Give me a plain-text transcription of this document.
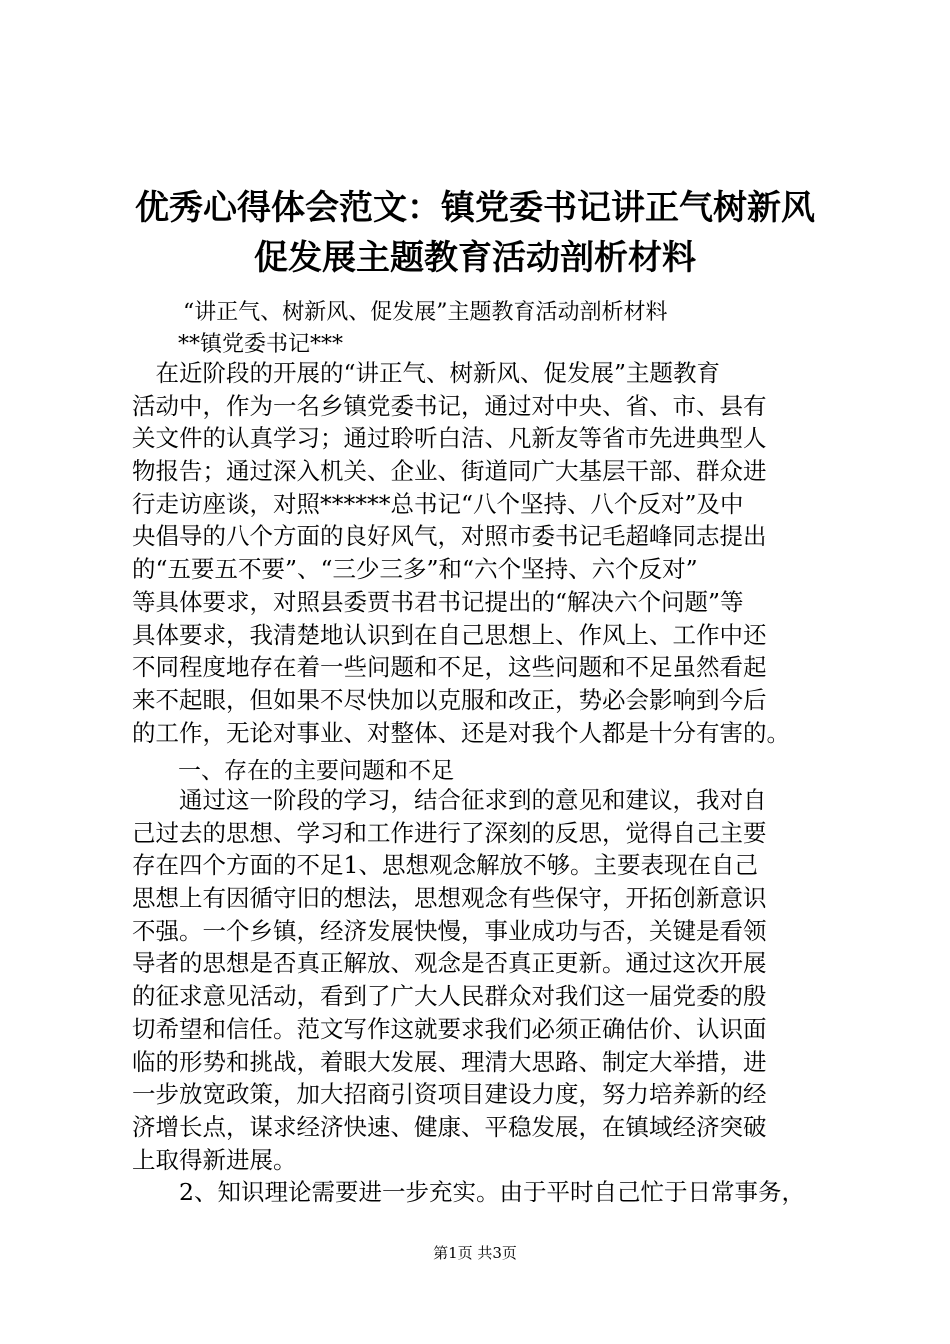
优秀心得体会范文：镇党委书记讲正气树新风
促发展主题教育活动剖析材料
“讲正气、树新风、促发展”主题教育活动剖析材料
**镇党委书记***
　在近阶段的开展的“讲正气、树新风、促发展”主题教育
活动中，作为一名乡镇党委书记，通过对中央、省、市、县有
关文件的认真学习；通过聆听白洁、凡新友等省市先进典型人
物报告；通过深入机关、企业、街道同广大基层干部、群众进
行走访座谈，对照******总书记“八个坚持、八个反对”及中
央倡导的八个方面的良好风气，对照市委书记毛超峰同志提出
的“五要五不要”、“三少三多”和“六个坚持、六个反对”
等具体要求，对照县委贾书君书记提出的“解决六个问题”等
具体要求，我清楚地认识到在自己思想上、作风上、工作中还
不同程度地存在着一些问题和不足，这些问题和不足虽然看起
来不起眼，但如果不尽快加以克服和改正，势必会影响到今后
的工作，无论对事业、对整体、还是对我个人都是十分有害的。
一、存在的主要问题和不足
　　通过这一阶段的学习，结合征求到的意见和建议，我对自
己过去的思想、学习和工作进行了深刻的反思，觉得自己主要
存在四个方面的不足1、思想观念解放不够。主要表现在自己
思想上有因循守旧的想法，思想观念有些保守，开拓创新意识
不强。一个乡镇，经济发展快慢，事业成功与否，关键是看领
导者的思想是否真正解放、观念是否真正更新。通过这次开展
的征求意见活动，看到了广大人民群众对我们这一届党委的殷
切希望和信任。范文写作这就要求我们必须正确估价、认识面
临的形势和挑战，着眼大发展、理清大思路、制定大举措，进
一步放宽政策，加大招商引资项目建设力度，努力培养新的经
济增长点，谋求经济快速、健康、平稳发展，在镇域经济突破
上取得新进展。
　　2、知识理论需要进一步充实。由于平时自己忙于日常事务，
第1页 共3页
